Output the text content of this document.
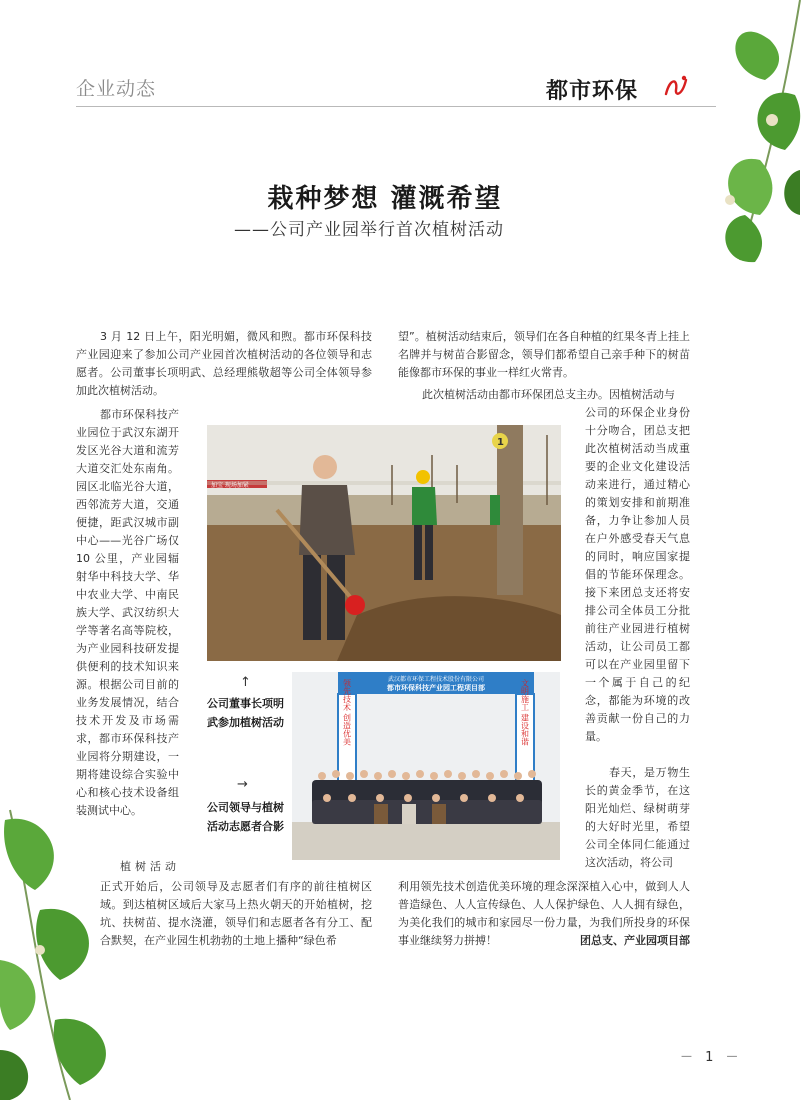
企业动态	都市环保
栽种梦想 灌溉希望
——公司产业园举行首次植树活动

3 月 12 日上午，阳光明媚，微风和煦。都市环保科技产业园迎来了参加公司产业园首次植树活动的各位领导和志愿者。公司董事长项明武、总经理熊敬超等公司全体领导参加此次植树活动。

都市环保科技产业园位于武汉东湖开发区光谷大道和流芳大道交汇处东南角。园区北临光谷大道，西邻流芳大道，交通便捷，距武汉城市副中心——光谷广场仅 10 公里，产业园辐射华中科技大学、华中农业大学、中南民族大学、武汉纺织大学等著名高等院校，为产业园科技研发提供便利的技术知识来源。根据公司目前的业务发展情况，结合技术开发及市场需求，都市环保科技产业园将分期建设，一期将建设综合实验中心和核心技术设备组装测试中心。

植树活动

望”。植树活动结束后，领导们在各自种植的红果冬青上挂上名牌并与树苗合影留念，领导们都希望自己亲手种下的树苗能像都市环保的事业一样红火常青。

此次植树活动由都市环保团总支主办。因植树活动与

公司的环保企业身份十分吻合，团总支把此次植树活动当成重要的企业文化建设活动来进行，通过精心的策划安排和前期准备，力争让参加人员在户外感受春天气息的同时，响应国家提倡的节能环保理念。接下来团总支还将安排公司全体员工分批前往产业园进行植树活动，让公司员工都可以在产业园里留下一个属于自己的纪念，都能为环境的改善贡献一份自己的力量。

春天，是万物生长的黄金季节，在这阳光灿烂、绿树萌芽的大好时光里，希望公司全体同仁能通过这次活动，将公司

加宝 现场加紧
1
武汉都市环保工程技术股份有限公司
都市环保科技产业园工程项目部
领先技术 创造优美	文明施工 建设和谐
↑
公司董事长项明武参加植树活动
→
公司领导与植树活动志愿者合影

正式开始后，公司领导及志愿者们有序的前往植树区域。到达植树区域后大家马上热火朝天的开始植树，挖坑、扶树苗、提水浇灌，领导们和志愿者各有分工、配合默契，在产业园生机勃勃的土地上播种“绿色希

利用领先技术创造优美环境的理念深深植入心中，做到人人普造绿色、人人宣传绿色、人人保护绿色、人人拥有绿色，为美化我们的城市和家园尽一份力量，为我们所投身的环保事业继续努力拼搏！	团总支、产业园项目部
－ 1 －
